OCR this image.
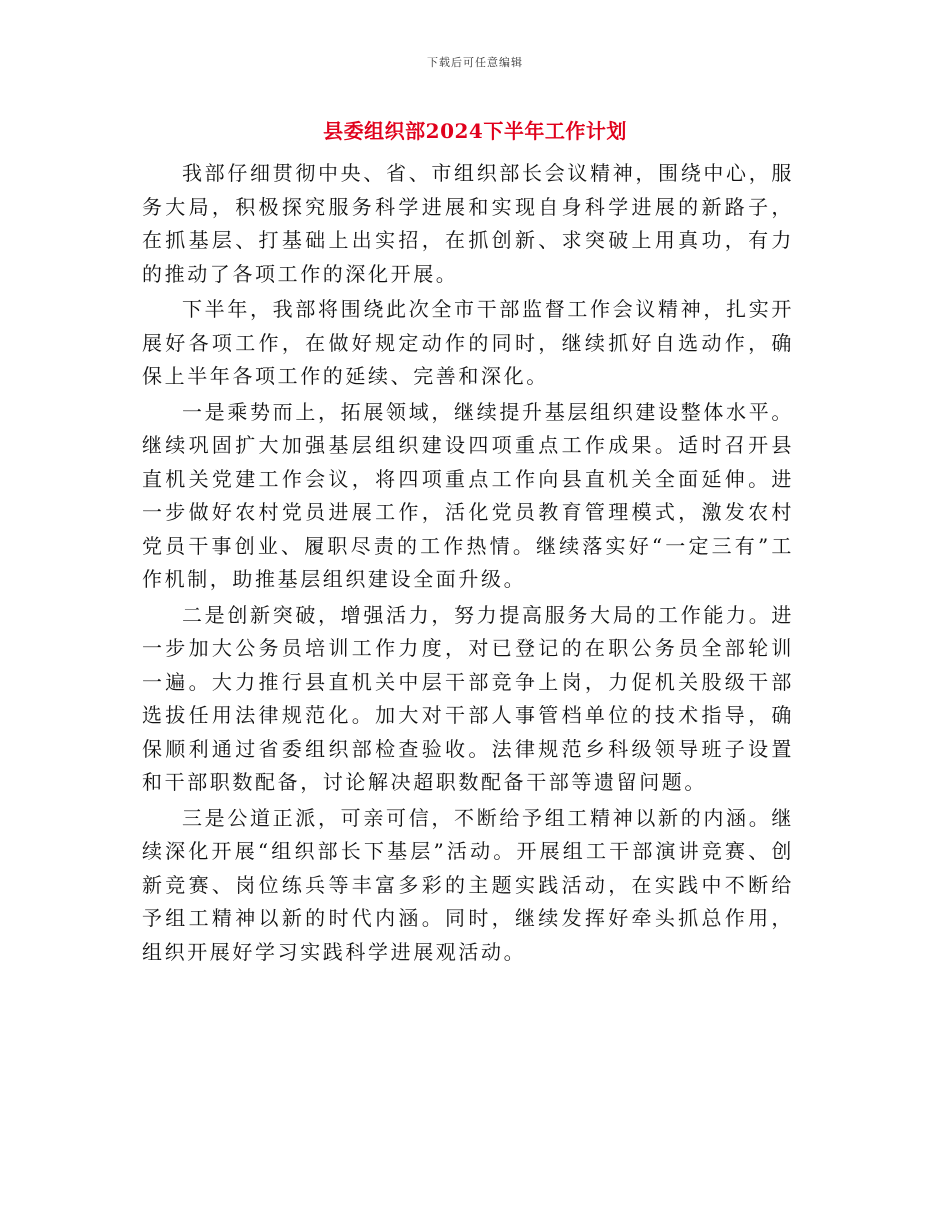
下载后可任意编辑
县委组织部2024下半年工作计划

我部仔细贯彻中央、省、市组织部长会议精神，围绕中心，服务大局，积极探究服务科学进展和实现自身科学进展的新路子，在抓基层、打基础上出实招，在抓创新、求突破上用真功，有力的推动了各项工作的深化开展。

下半年，我部将围绕此次全市干部监督工作会议精神，扎实开展好各项工作，在做好规定动作的同时，继续抓好自选动作，确保上半年各项工作的延续、完善和深化。

一是乘势而上，拓展领域，继续提升基层组织建设整体水平。继续巩固扩大加强基层组织建设四项重点工作成果。适时召开县直机关党建工作会议，将四项重点工作向县直机关全面延伸。进一步做好农村党员进展工作，活化党员教育管理模式，激发农村党员干事创业、履职尽责的工作热情。继续落实好“一定三有”工作机制，助推基层组织建设全面升级。

二是创新突破，增强活力，努力提高服务大局的工作能力。进一步加大公务员培训工作力度，对已登记的在职公务员全部轮训一遍。大力推行县直机关中层干部竞争上岗，力促机关股级干部选拔任用法律规范化。加大对干部人事管档单位的技术指导，确保顺利通过省委组织部检查验收。法律规范乡科级领导班子设置和干部职数配备，讨论解决超职数配备干部等遗留问题。

三是公道正派，可亲可信，不断给予组工精神以新的内涵。继续深化开展“组织部长下基层”活动。开展组工干部演讲竞赛、创新竞赛、岗位练兵等丰富多彩的主题实践活动，在实践中不断给予组工精神以新的时代内涵。同时，继续发挥好牵头抓总作用，组织开展好学习实践科学进展观活动。
